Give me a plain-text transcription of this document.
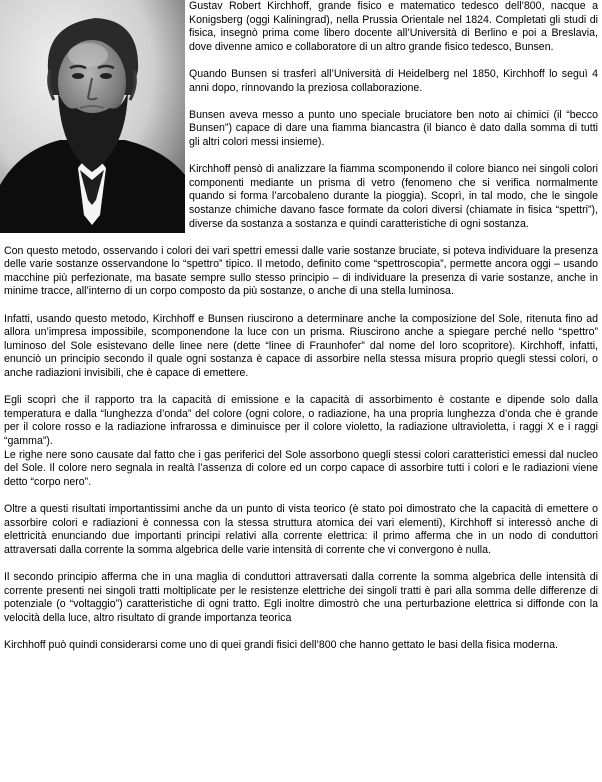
Gustav Robert Kirchhoff, grande fisico e matematico tedesco dell’800, nacque a Konigsberg (oggi Kaliningrad), nella Prussia Orientale nel 1824. Completati gli studi di fisica, insegnò prima come libero docente all’Università di Berlino e poi a Breslavia, dove divenne amico e collaboratore di un altro grande fisico tedesco, Bunsen.

Quando Bunsen si trasferì all’Università di Heidelberg nel 1850, Kirchhoff lo seguì 4 anni dopo, rinnovando la preziosa collaborazione.

Bunsen aveva messo a punto uno speciale bruciatore ben noto ai chimici (il “becco Bunsen”) capace di dare una fiamma biancastra (il bianco è dato dalla somma di tutti gli altri colori messi insieme).

Kirchhoff pensò di analizzare la fiamma scomponendo il colore bianco nei singoli colori componenti mediante un prisma di vetro (fenomeno che si verifica normalmente quando si forma l’arcobaleno durante la pioggia). Scoprì, in tal modo, che le singole sostanze chimiche davano fasce formate da colori diversi (chiamate in fisica “spettri”), diverse da sostanza a sostanza e quindi caratteristiche di ogni sostanza.

Con questo metodo, osservando i colori dei vari spettri emessi dalle varie sostanze bruciate, si poteva individuare la presenza delle varie sostanze osservandone lo “spettro” tipico. Il metodo, definito come “spettroscopia”, permette ancora oggi – usando macchine più perfezionate, ma basate sempre sullo stesso principio – di individuare la presenza di varie sostanze, anche in minime tracce, all’interno di un corpo composto da più sostanze, o anche di una stella luminosa.

Infatti, usando questo metodo, Kirchhoff e Bunsen riuscirono a determinare anche la composizione del Sole, ritenuta fino ad allora un’impresa impossibile, scomponendone la luce con un prisma. Riuscirono anche a spiegare perché nello “spettro” luminoso del Sole esistevano delle linee nere (dette “linee di Fraunhofer” dal nome del loro scopritore). Kirchhoff, infatti, enunciò un principio secondo il quale ogni sostanza è capace di assorbire nella stessa misura proprio quegli stessi colori, o anche radiazioni invisibili, che è capace di emettere.

Egli scoprì che il rapporto tra la capacità di emissione e la capacità di assorbimento è costante e dipende solo dalla temperatura e dalla “lunghezza d’onda” del colore (ogni colore, o radiazione, ha una propria lunghezza d’onda che è grande per il colore rosso e la radiazione infrarossa e diminuisce per il colore violetto, la radiazione ultravioletta, i raggi X e i raggi “gamma”).

Le righe nere sono causate dal fatto che i gas periferici del Sole assorbono quegli stessi colori caratteristici emessi dal nucleo del Sole. Il colore nero segnala in realtà l’assenza di colore ed un corpo capace di assorbire tutti i colori e le radiazioni viene detto “corpo nero”.

Oltre a questi risultati importantissimi anche da un punto di vista teorico (è stato poi dimostrato che la capacità di emettere o assorbire colori e radiazioni è connessa con la stessa struttura atomica dei vari elementi), Kirchhoff si interessò anche di elettricità enunciando due importanti principi relativi alla corrente elettrica: il primo afferma che in un nodo di conduttori attraversati dalla corrente la somma algebrica delle varie intensità di corrente che vi convergono è nulla.

Il secondo principio afferma che in una maglia di conduttori attraversati dalla corrente la somma algebrica delle intensità di corrente presenti nei singoli tratti moltiplicate per le resistenze elettriche dei singoli tratti è pari alla somma delle differenze di potenziale (o “voltaggio”) caratteristiche di ogni tratto. Egli inoltre dimostrò che una perturbazione elettrica si diffonde con la velocità della luce, altro risultato di grande importanza teorica

Kirchhoff può quindi considerarsi come uno di quei grandi fisici dell’800 che hanno gettato le basi della fisica moderna.
